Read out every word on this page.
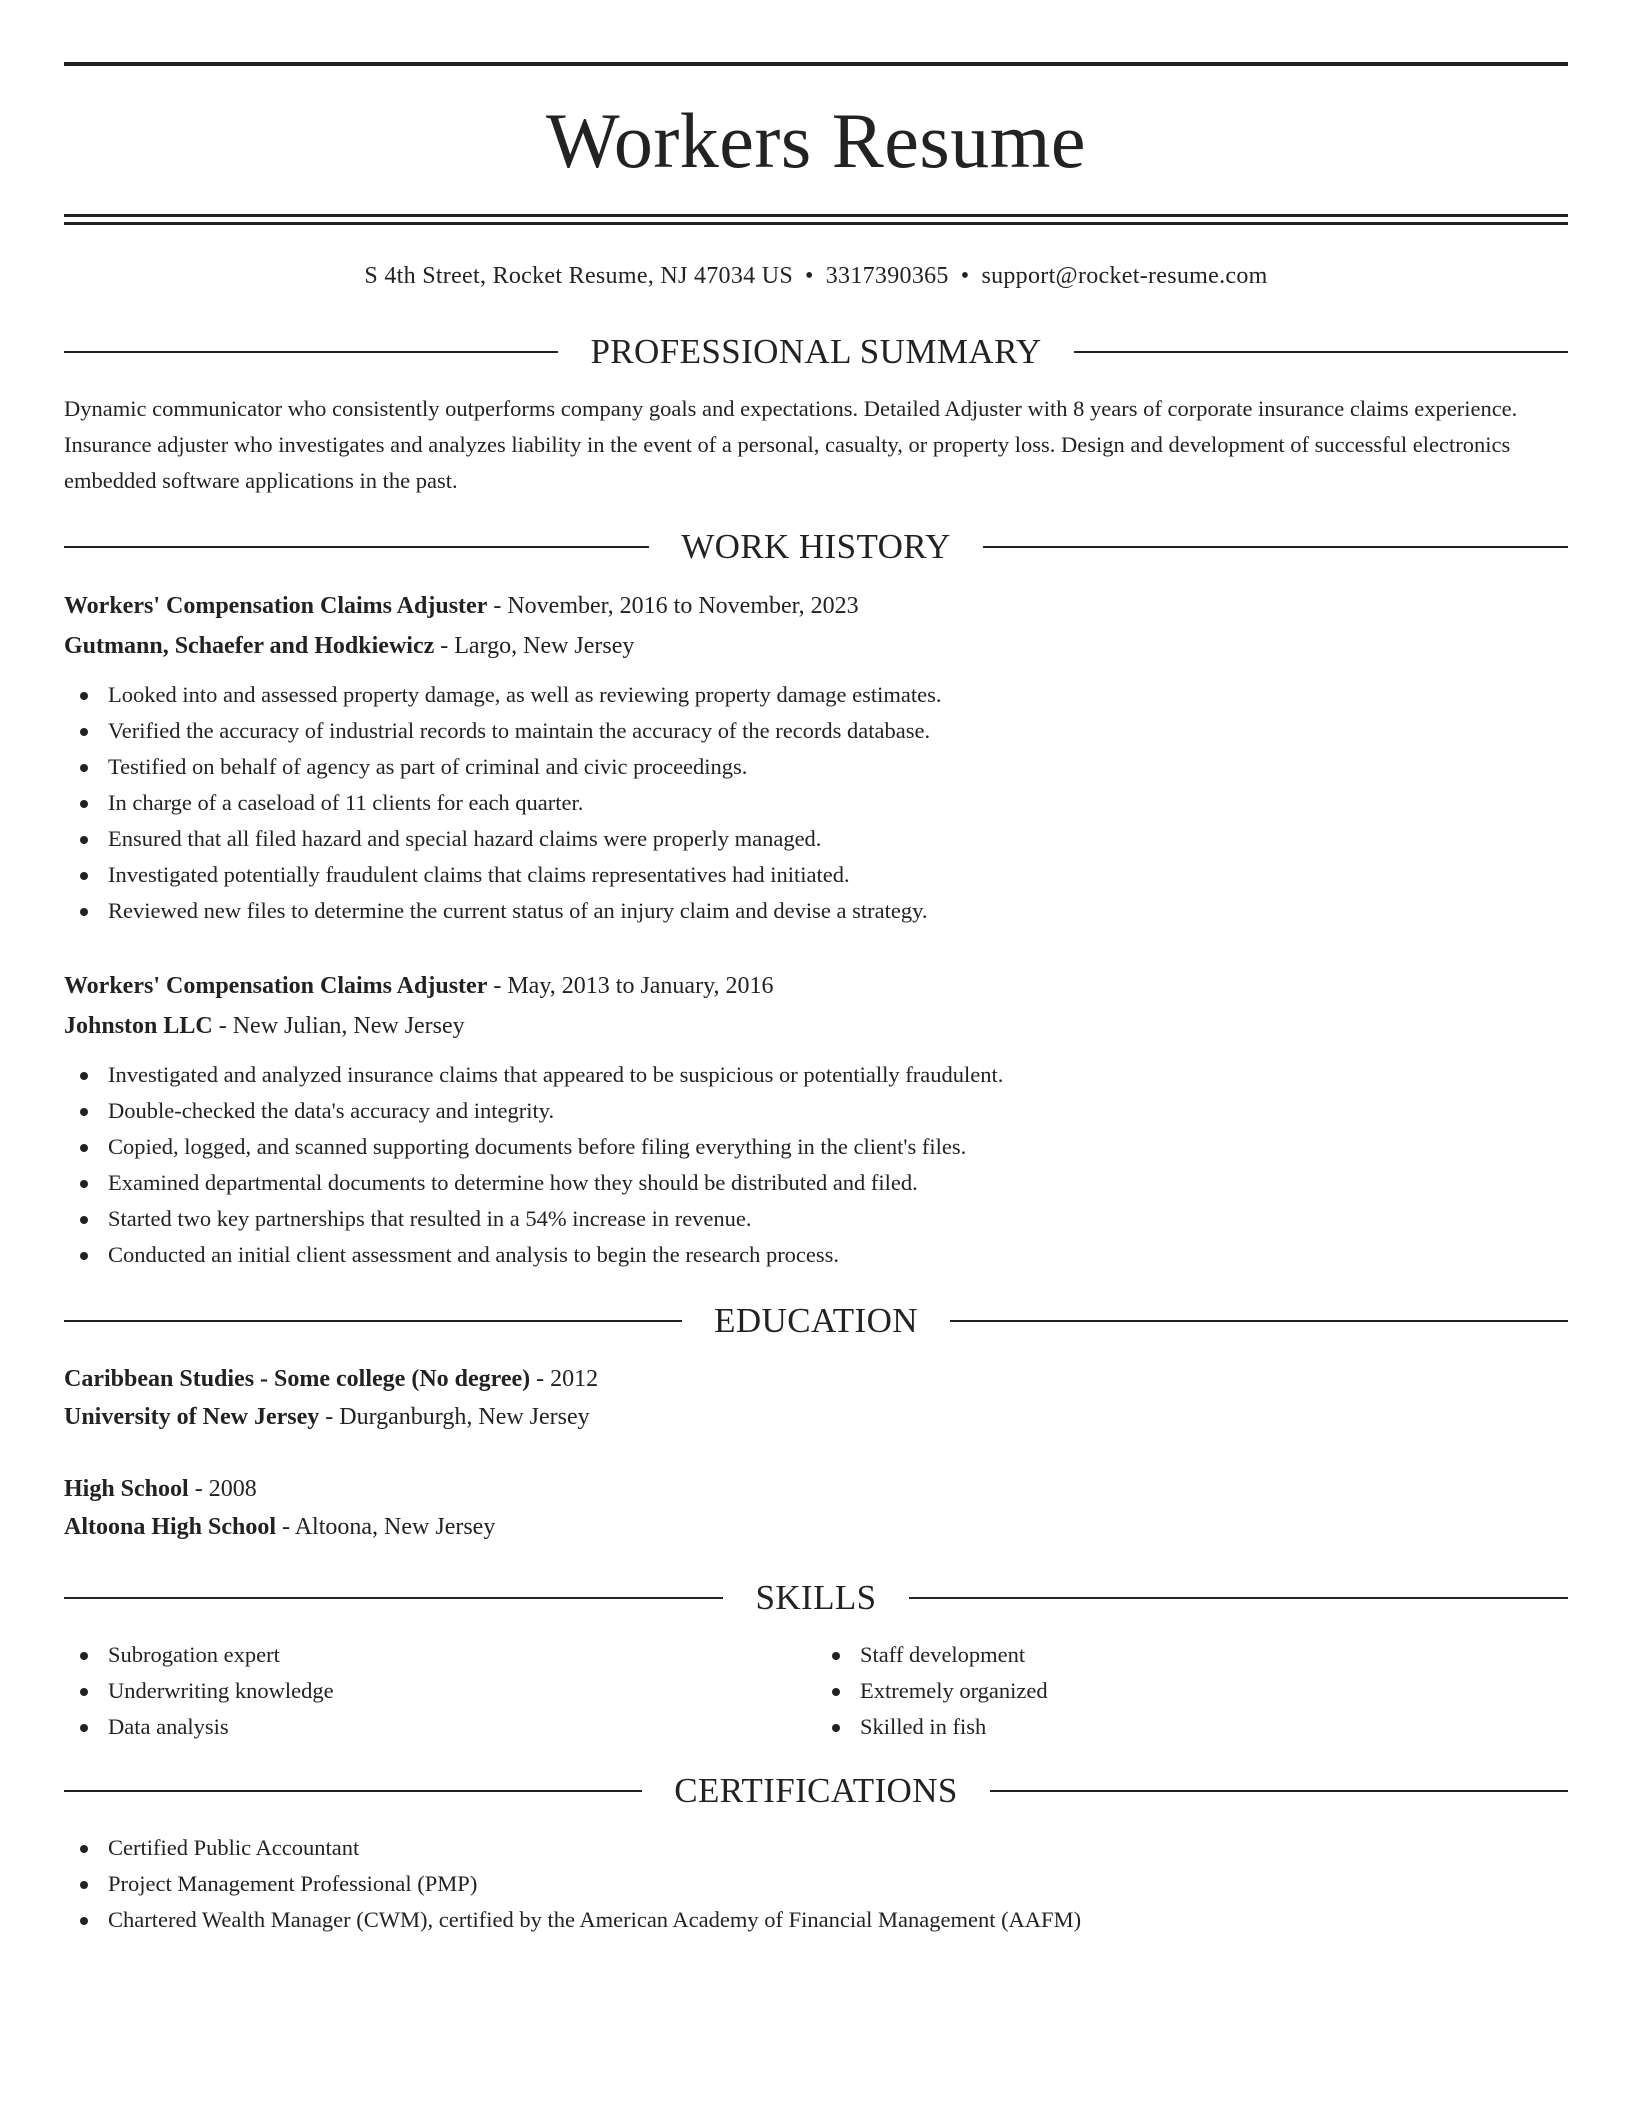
Workers Resume
S 4th Street, Rocket Resume, NJ 47034 US • 3317390365 • support@rocket-resume.com
PROFESSIONAL SUMMARY

Dynamic communicator who consistently outperforms company goals and expectations. Detailed Adjuster with 8 years of corporate insurance claims experience. Insurance adjuster who investigates and analyzes liability in the event of a personal, casualty, or property loss. Design and development of successful electronics embedded software applications in the past.

WORK HISTORY
Workers' Compensation Claims Adjuster - November, 2016 to November, 2023
Gutmann, Schaefer and Hodkiewicz - Largo, New Jersey
Looked into and assessed property damage, as well as reviewing property damage estimates.
Verified the accuracy of industrial records to maintain the accuracy of the records database.
Testified on behalf of agency as part of criminal and civic proceedings.
In charge of a caseload of 11 clients for each quarter.
Ensured that all filed hazard and special hazard claims were properly managed.
Investigated potentially fraudulent claims that claims representatives had initiated.
Reviewed new files to determine the current status of an injury claim and devise a strategy.
Workers' Compensation Claims Adjuster - May, 2013 to January, 2016
Johnston LLC - New Julian, New Jersey
Investigated and analyzed insurance claims that appeared to be suspicious or potentially fraudulent.
Double-checked the data's accuracy and integrity.
Copied, logged, and scanned supporting documents before filing everything in the client's files.
Examined departmental documents to determine how they should be distributed and filed.
Started two key partnerships that resulted in a 54% increase in revenue.
Conducted an initial client assessment and analysis to begin the research process.
EDUCATION
Caribbean Studies - Some college (No degree) - 2012
University of New Jersey - Durganburgh, New Jersey
High School - 2008
Altoona High School - Altoona, New Jersey
SKILLS
Subrogation expert
Underwriting knowledge
Data analysis
Staff development
Extremely organized
Skilled in fish
CERTIFICATIONS
Certified Public Accountant
Project Management Professional (PMP)
Chartered Wealth Manager (CWM), certified by the American Academy of Financial Management (AAFM)
